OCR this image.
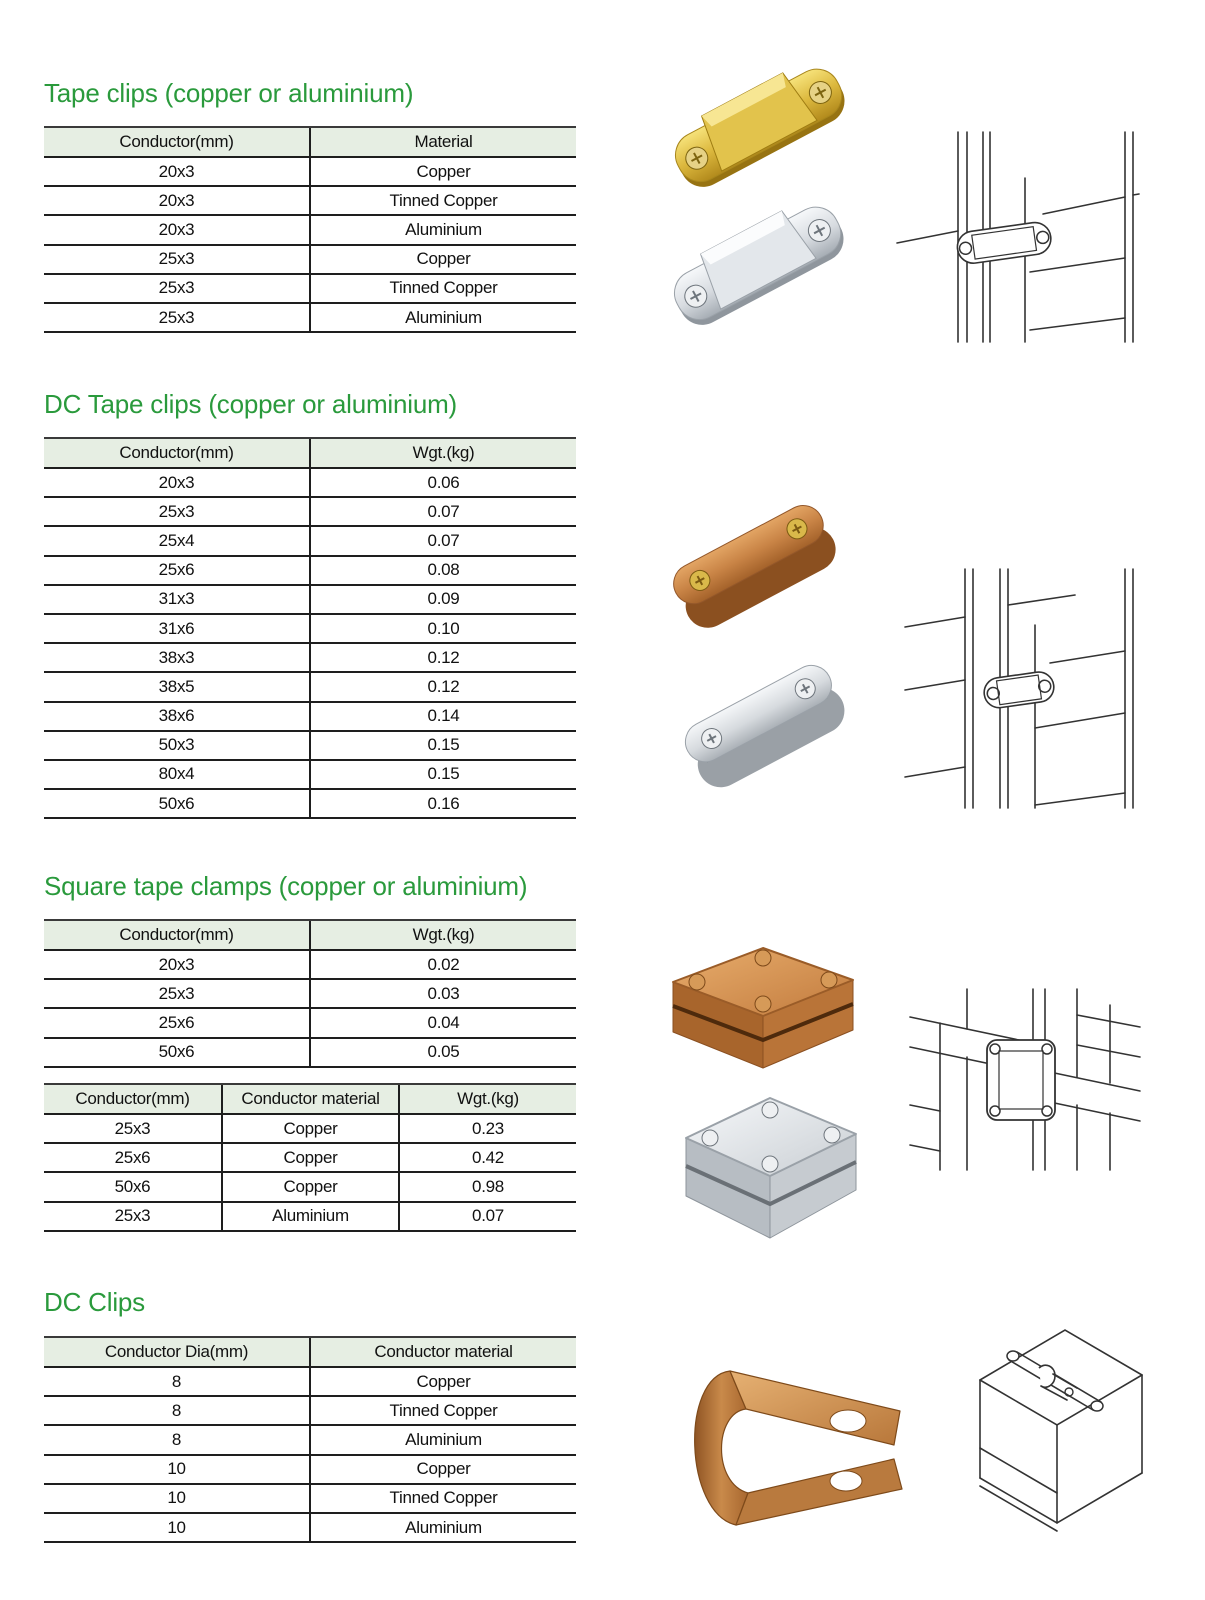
Tape clips (copper or aluminium)
Conductor(mm)	Material
20x3	Copper
20x3	Tinned Copper
20x3	Aluminium
25x3	Copper
25x3	Tinned Copper
25x3	Aluminium
DC Tape clips (copper or aluminium)
Conductor(mm)	Wgt.(kg)
20x3	0.06
25x3	0.07
25x4	0.07
25x6	0.08
31x3	0.09
31x6	0.10
38x3	0.12
38x5	0.12
38x6	0.14
50x3	0.15
80x4	0.15
50x6	0.16
Square tape clamps (copper or aluminium)
Conductor(mm)	Wgt.(kg)
20x3	0.02
25x3	0.03
25x6	0.04
50x6	0.05
Conductor(mm)	Conductor material	Wgt.(kg)
25x3	Copper	0.23
25x6	Copper	0.42
50x6	Copper	0.98
25x3	Aluminium	0.07
DC Clips
Conductor Dia(mm)	Conductor material
8	Copper
8	Tinned Copper
8	Aluminium
10	Copper
10	Tinned Copper
10	Aluminium
